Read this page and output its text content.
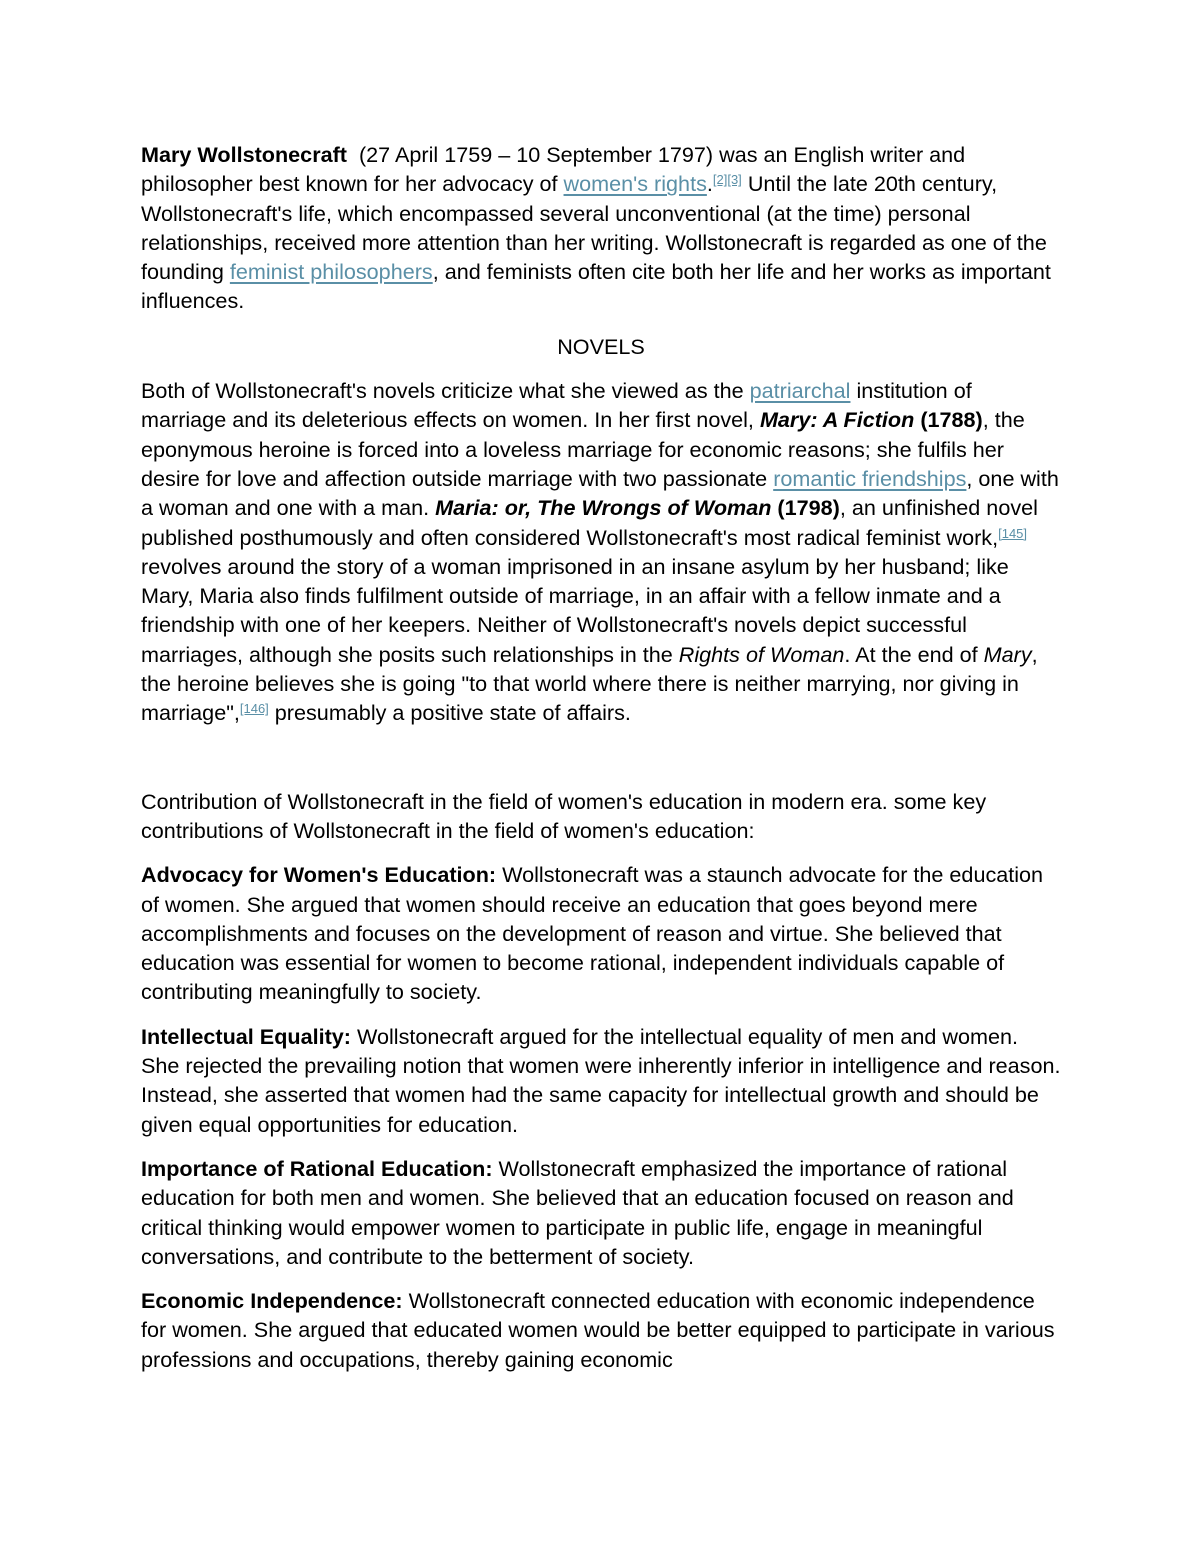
Mary Wollstonecraft (27 April 1759 – 10 September 1797) was an English writer and philosopher best known for her advocacy of women's rights.[2][3] Until the late 20th century, Wollstonecraft's life, which encompassed several unconventional (at the time) personal relationships, received more attention than her writing. Wollstonecraft is regarded as one of the founding feminist philosophers, and feminists often cite both her life and her works as important influences.

NOVELS

Both of Wollstonecraft's novels criticize what she viewed as the patriarchal institution of marriage and its deleterious effects on women. In her first novel, Mary: A Fiction (1788), the eponymous heroine is forced into a loveless marriage for economic reasons; she fulfils her desire for love and affection outside marriage with two passionate romantic friendships, one with a woman and one with a man. Maria: or, The Wrongs of Woman (1798), an unfinished novel published posthumously and often considered Wollstonecraft's most radical feminist work,[145] revolves around the story of a woman imprisoned in an insane asylum by her husband; like Mary, Maria also finds fulfilment outside of marriage, in an affair with a fellow inmate and a friendship with one of her keepers. Neither of Wollstonecraft's novels depict successful marriages, although she posits such relationships in the Rights of Woman. At the end of Mary, the heroine believes she is going "to that world where there is neither marrying, nor giving in marriage",[146] presumably a positive state of affairs.

Contribution of Wollstonecraft in the field of women's education in modern era. some key contributions of Wollstonecraft in the field of women's education:

Advocacy for Women's Education: Wollstonecraft was a staunch advocate for the education of women. She argued that women should receive an education that goes beyond mere accomplishments and focuses on the development of reason and virtue. She believed that education was essential for women to become rational, independent individuals capable of contributing meaningfully to society.

Intellectual Equality: Wollstonecraft argued for the intellectual equality of men and women. She rejected the prevailing notion that women were inherently inferior in intelligence and reason. Instead, she asserted that women had the same capacity for intellectual growth and should be given equal opportunities for education.

Importance of Rational Education: Wollstonecraft emphasized the importance of rational education for both men and women. She believed that an education focused on reason and critical thinking would empower women to participate in public life, engage in meaningful conversations, and contribute to the betterment of society.

Economic Independence: Wollstonecraft connected education with economic independence for women. She argued that educated women would be better equipped to participate in various professions and occupations, thereby gaining economic
